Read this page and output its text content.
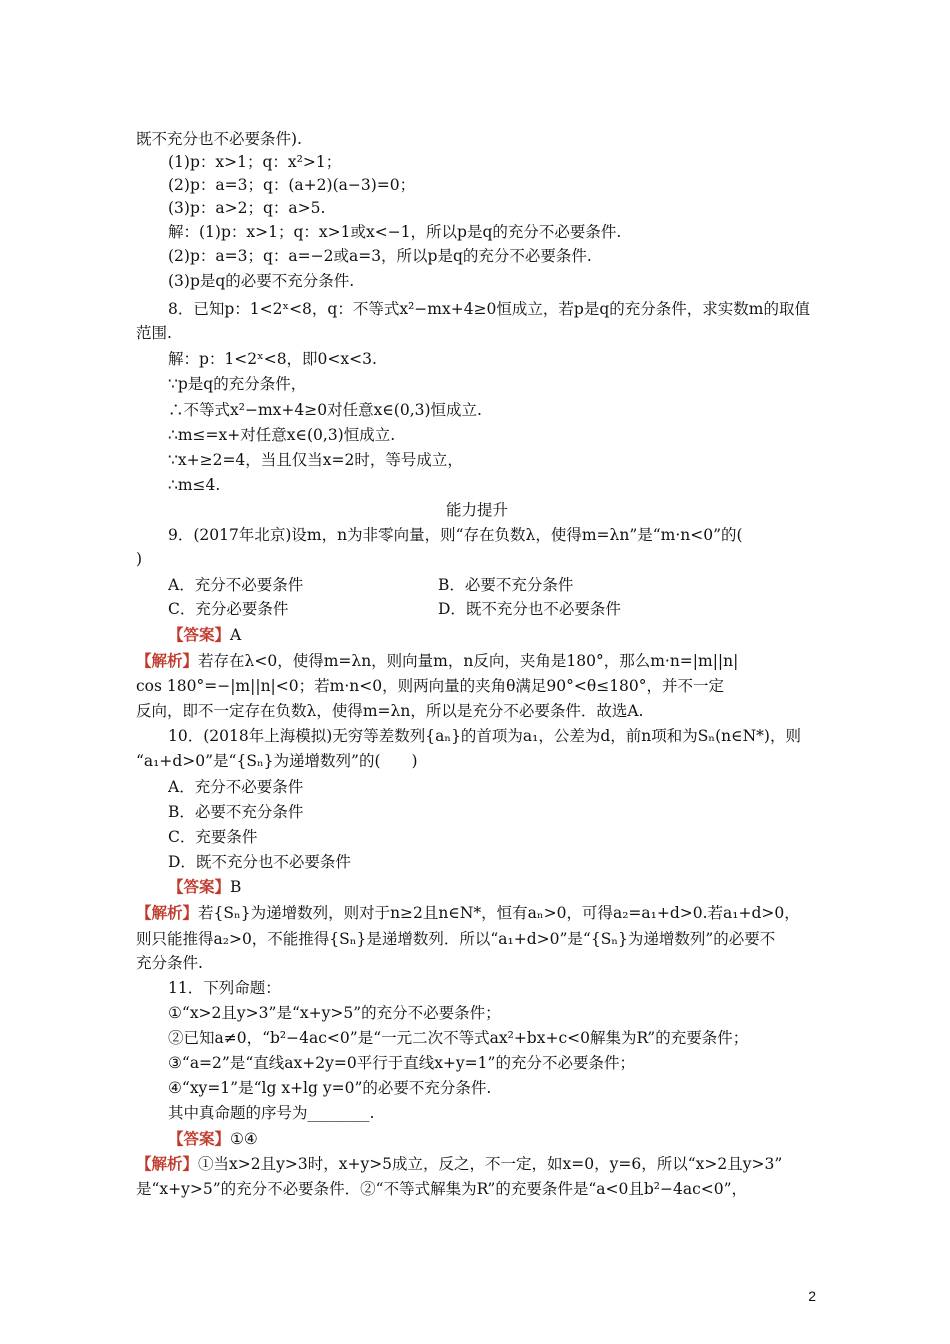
既不充分也不必要条件).
(1)p：x>1；q：x²>1；
(2)p：a=3；q：(a+2)(a−3)=0；
(3)p：a>2；q：a>5.
解：(1)p：x>1；q：x>1或x<−1，所以p是q的充分不必要条件.
(2)p：a=3；q：a=−2或a=3，所以p是q的充分不必要条件.
(3)p是q的必要不充分条件.
8．已知p：1<2ˣ<8，q：不等式x²−mx+4≥0恒成立，若p是q的充分条件，求实数m的取值
范围.
解：p：1<2ˣ<8，即0<x<3.
∵p是q的充分条件，
∴不等式x²−mx+4≥0对任意x∈(0,3)恒成立.
∴m≤=x+对任意x∈(0,3)恒成立.
∵x+≥2=4，当且仅当x=2时，等号成立，
∴m≤4.
能力提升
9．(2017年北京)设m，n为非零向量，则“存在负数λ，使得m=λn”是“m·n<0”的(
)
A．充分不必要条件	B．必要不充分条件
C．充分必要条件	D．既不充分也不必要条件
【答案】A
【解析】若存在λ<0，使得m=λn，则向量m，n反向，夹角是180°，那么m·n=|m||n|
cos 180°=−|m||n|<0；若m·n<0，则两向量的夹角θ满足90°<θ≤180°，并不一定
反向，即不一定存在负数λ，使得m=λn，所以是充分不必要条件．故选A.
10．(2018年上海模拟)无穷等差数列{aₙ}的首项为a₁，公差为d，前n项和为Sₙ(n∈N*)，则
“a₁+d>0”是“{Sₙ}为递增数列”的(　　)
A．充分不必要条件
B．必要不充分条件
C．充要条件
D．既不充分也不必要条件
【答案】B
【解析】若{Sₙ}为递增数列，则对于n≥2且n∈N*，恒有aₙ>0，可得a₂=a₁+d>0.若a₁+d>0，
则只能推得a₂>0，不能推得{Sₙ}是递增数列．所以“a₁+d>0”是“{Sₙ}为递增数列”的必要不
充分条件.
11．下列命题：
①“x>2且y>3”是“x+y>5”的充分不必要条件；
②已知a≠0，“b²−4ac<0”是“一元二次不等式ax²+bx+c<0解集为R”的充要条件；
③“a=2”是“直线ax+2y=0平行于直线x+y=1”的充分不必要条件；
④“xy=1”是“lg x+lg y=0”的必要不充分条件.
其中真命题的序号为________.
【答案】①④
【解析】①当x>2且y>3时，x+y>5成立，反之，不一定，如x=0，y=6，所以“x>2且y>3”
是“x+y>5”的充分不必要条件．②“不等式解集为R”的充要条件是“a<0且b²−4ac<0”，
2
